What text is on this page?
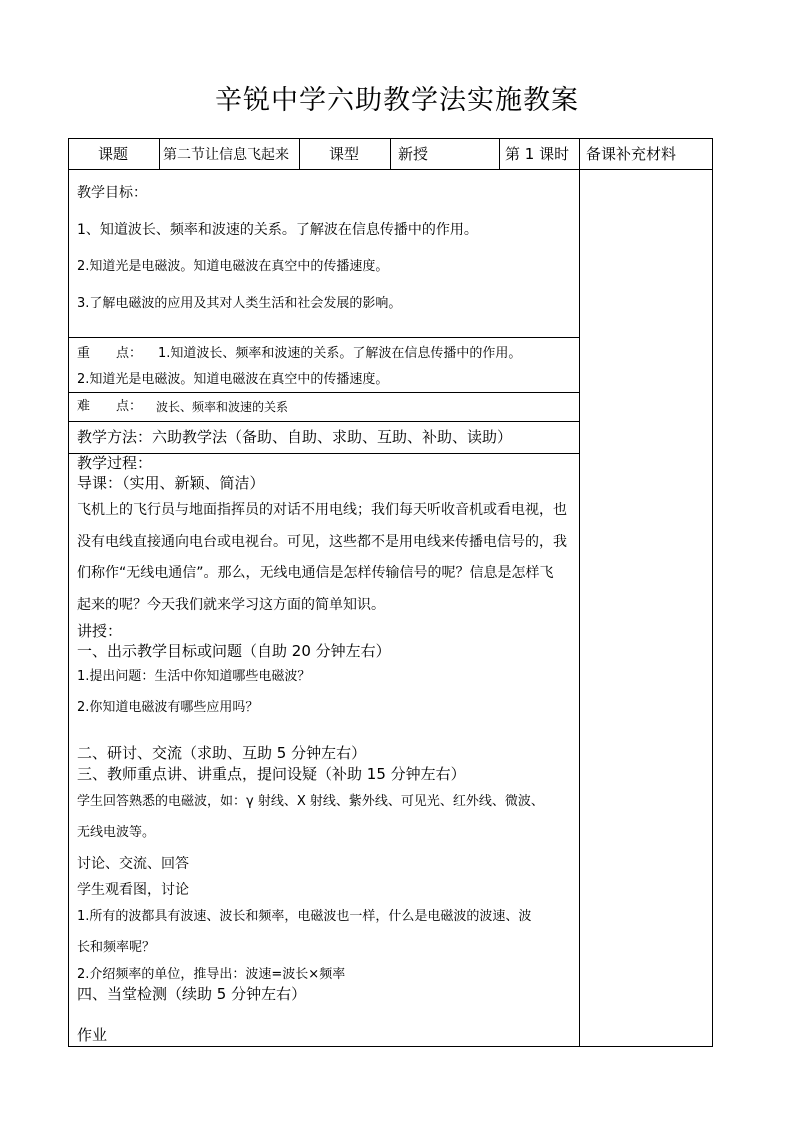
辛锐中学六助教学法实施教案
课题 第二节让信息飞起来	课型	新授	第 1 课时 备课补充材料
教学目标：
1、知道波长、频率和波速的关系。了解波在信息传播中的作用。
2.知道光是电磁波。知道电磁波在真空中的传播速度。
3.了解电磁波的应用及其对人类生活和社会发展的影响。
重　　点： 1.知道波长、频率和波速的关系。了解波在信息传播中的作用。
2.知道光是电磁波。知道电磁波在真空中的传播速度。
难　　点： 波长、频率和波速的关系
教学方法：六助教学法（备助、自助、求助、互助、补助、读助）
教学过程：
导课：（实用、新颖、简洁）
飞机上的飞行员与地面指挥员的对话不用电线；我们每天听收音机或看电视，也
没有电线直接通向电台或电视台。可见，这些都不是用电线来传播电信号的，我
们称作“无线电通信”。那么，无线电通信是怎样传输信号的呢？信息是怎样飞
起来的呢？今天我们就来学习这方面的简单知识。
讲授：
一、出示教学目标或问题（自助 20 分钟左右）
1.提出问题：生活中你知道哪些电磁波？
2.你知道电磁波有哪些应用吗？
二、研讨、交流（求助、互助 5 分钟左右）
三、教师重点讲、讲重点，提问设疑（补助 15 分钟左右）
学生回答熟悉的电磁波，如：γ 射线、X 射线、紫外线、可见光、红外线、微波、
无线电波等。
讨论、交流、回答
学生观看图，讨论
1.所有的波都具有波速、波长和频率，电磁波也一样，什么是电磁波的波速、波
长和频率呢？
2.介绍频率的单位，推导出：波速=波长×频率
四、当堂检测（续助 5 分钟左右）
作业
